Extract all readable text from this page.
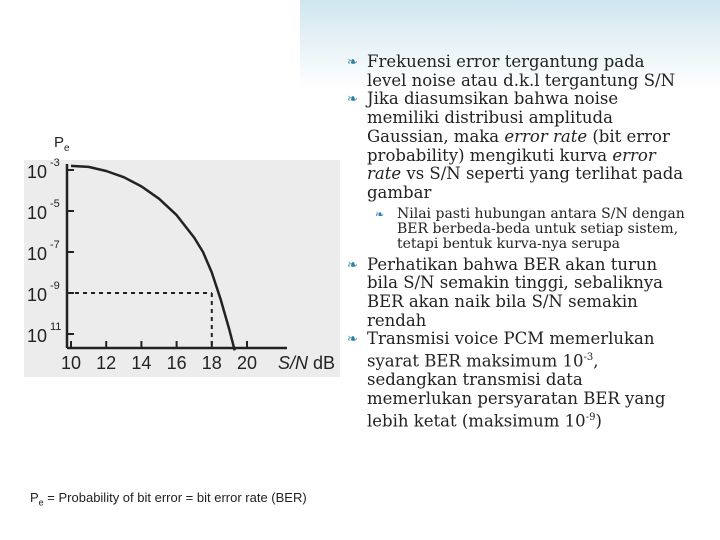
$P_e$
10 -3
10 -5
10 -7
10 -9
10 11
10 12 14 16 18 20 S/N dB
❧ Frekuensi error tergantung pada level noise atau d.k.l tergantung S/N
❧ Jika diasumsikan bahwa noise memiliki distribusi amplituda Gaussian, maka error rate (bit error probability) mengikuti kurva error rate vs S/N seperti yang terlihat pada gambar
❧ Nilai pasti hubungan antara S/N dengan BER berbeda-beda untuk setiap sistem, tetapi bentuk kurva-nya serupa
❧ Perhatikan bahwa BER akan turun bila S/N semakin tinggi, sebaliknya BER akan naik bila S/N semakin rendah
❧ Transmisi voice PCM memerlukan syarat BER maksimum $10^{-3}$, sedangkan transmisi data memerlukan persyaratan BER yang lebih ketat (maksimum $10^{-9}$)
$P_e$ = Probability of bit error = bit error rate (BER)
